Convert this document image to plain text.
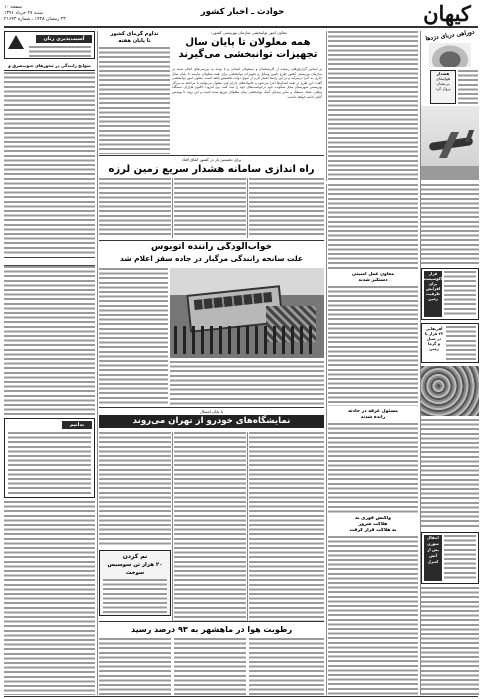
کیهان
حوادث ـ اخبار کشور
صفحه ۱۰
شنبه ۲۷ خرداد ۱۳۹۶
۲۳ رمضان ۱۴۳۸ ـ شماره ۲۱۶۴۳
آسیب‌پذیری زنان
سوانح رانندگی در محورهای جنوب‌شرق و
بدانیم
تداوم گرمای کشور
تا پایان هفته
معاون امور توانبخشی سازمان بهزیستی کشور:
همه معلولان تا پایان سال
تجهیزات توانبخشی می‌گیرند
بر اساس گزارش‌های رسیده از کارشناسان و مسئولان استانی و با توجه به بررسی‌های انجام شده در سازمان بهزیستی کشور طرح تأمین وسایل و تجهیزات توانبخشی برای همه معلولان نیازمند تا پایان سال جاری به اجرا درمی‌آید و در این راستا اعتبار لازم از سوی دولت تخصیص یافته است. معاون امور توانبخشی گفت: این طرح در همه استان‌ها اجرا می‌شود و خانواده‌های دارای فرد معلول می‌توانند با مراجعه به مراکز بهزیستی شهرستان محل سکونت خود درخواست‌های خود را ثبت کنند. وی افزود: تاکنون هزاران دستگاه ویلچر، عصا، سمعک و سایر وسایل کمک توانبخشی میان معلولان توزیع شده است و این روند تا پوشش کامل ادامه خواهد داشت.
دوراهی دربای دزدها
هشدار
هواپیمای
بی‌نشان
پرواز کرد
برای نخستین بار در کشور اتفاق افتاد
راه اندازی سامانه هشدار سریع زمین لرزه
معاون عمل امنیتی
دستگیر شدند
قرار
اکوسیستم
برای
افزایش
ظرفیت
زمین
آفریقایی
۲۴ هزار تا
در سیل
و گرما
زمین
خواب‌آلودگی راننده اتوبوس
علت سانحه رانندگی مرگبار در جاده سقز اعلام شد
با پایان امسال
نمایشگاه‌های خودرو از تهران می‌روند
مسئول غرفه در حادثه
رانده شدند
انتقال
سوری
پس از
آتش
کنترل
واکنش فوری به
هلاکت شرور
به هلاکت قرار گرفت
نم کردن
۲۰ هزار تن سوسیس
سوخت
رطوبت هوا در ماهشهر به ۹۳ درصد رسید
